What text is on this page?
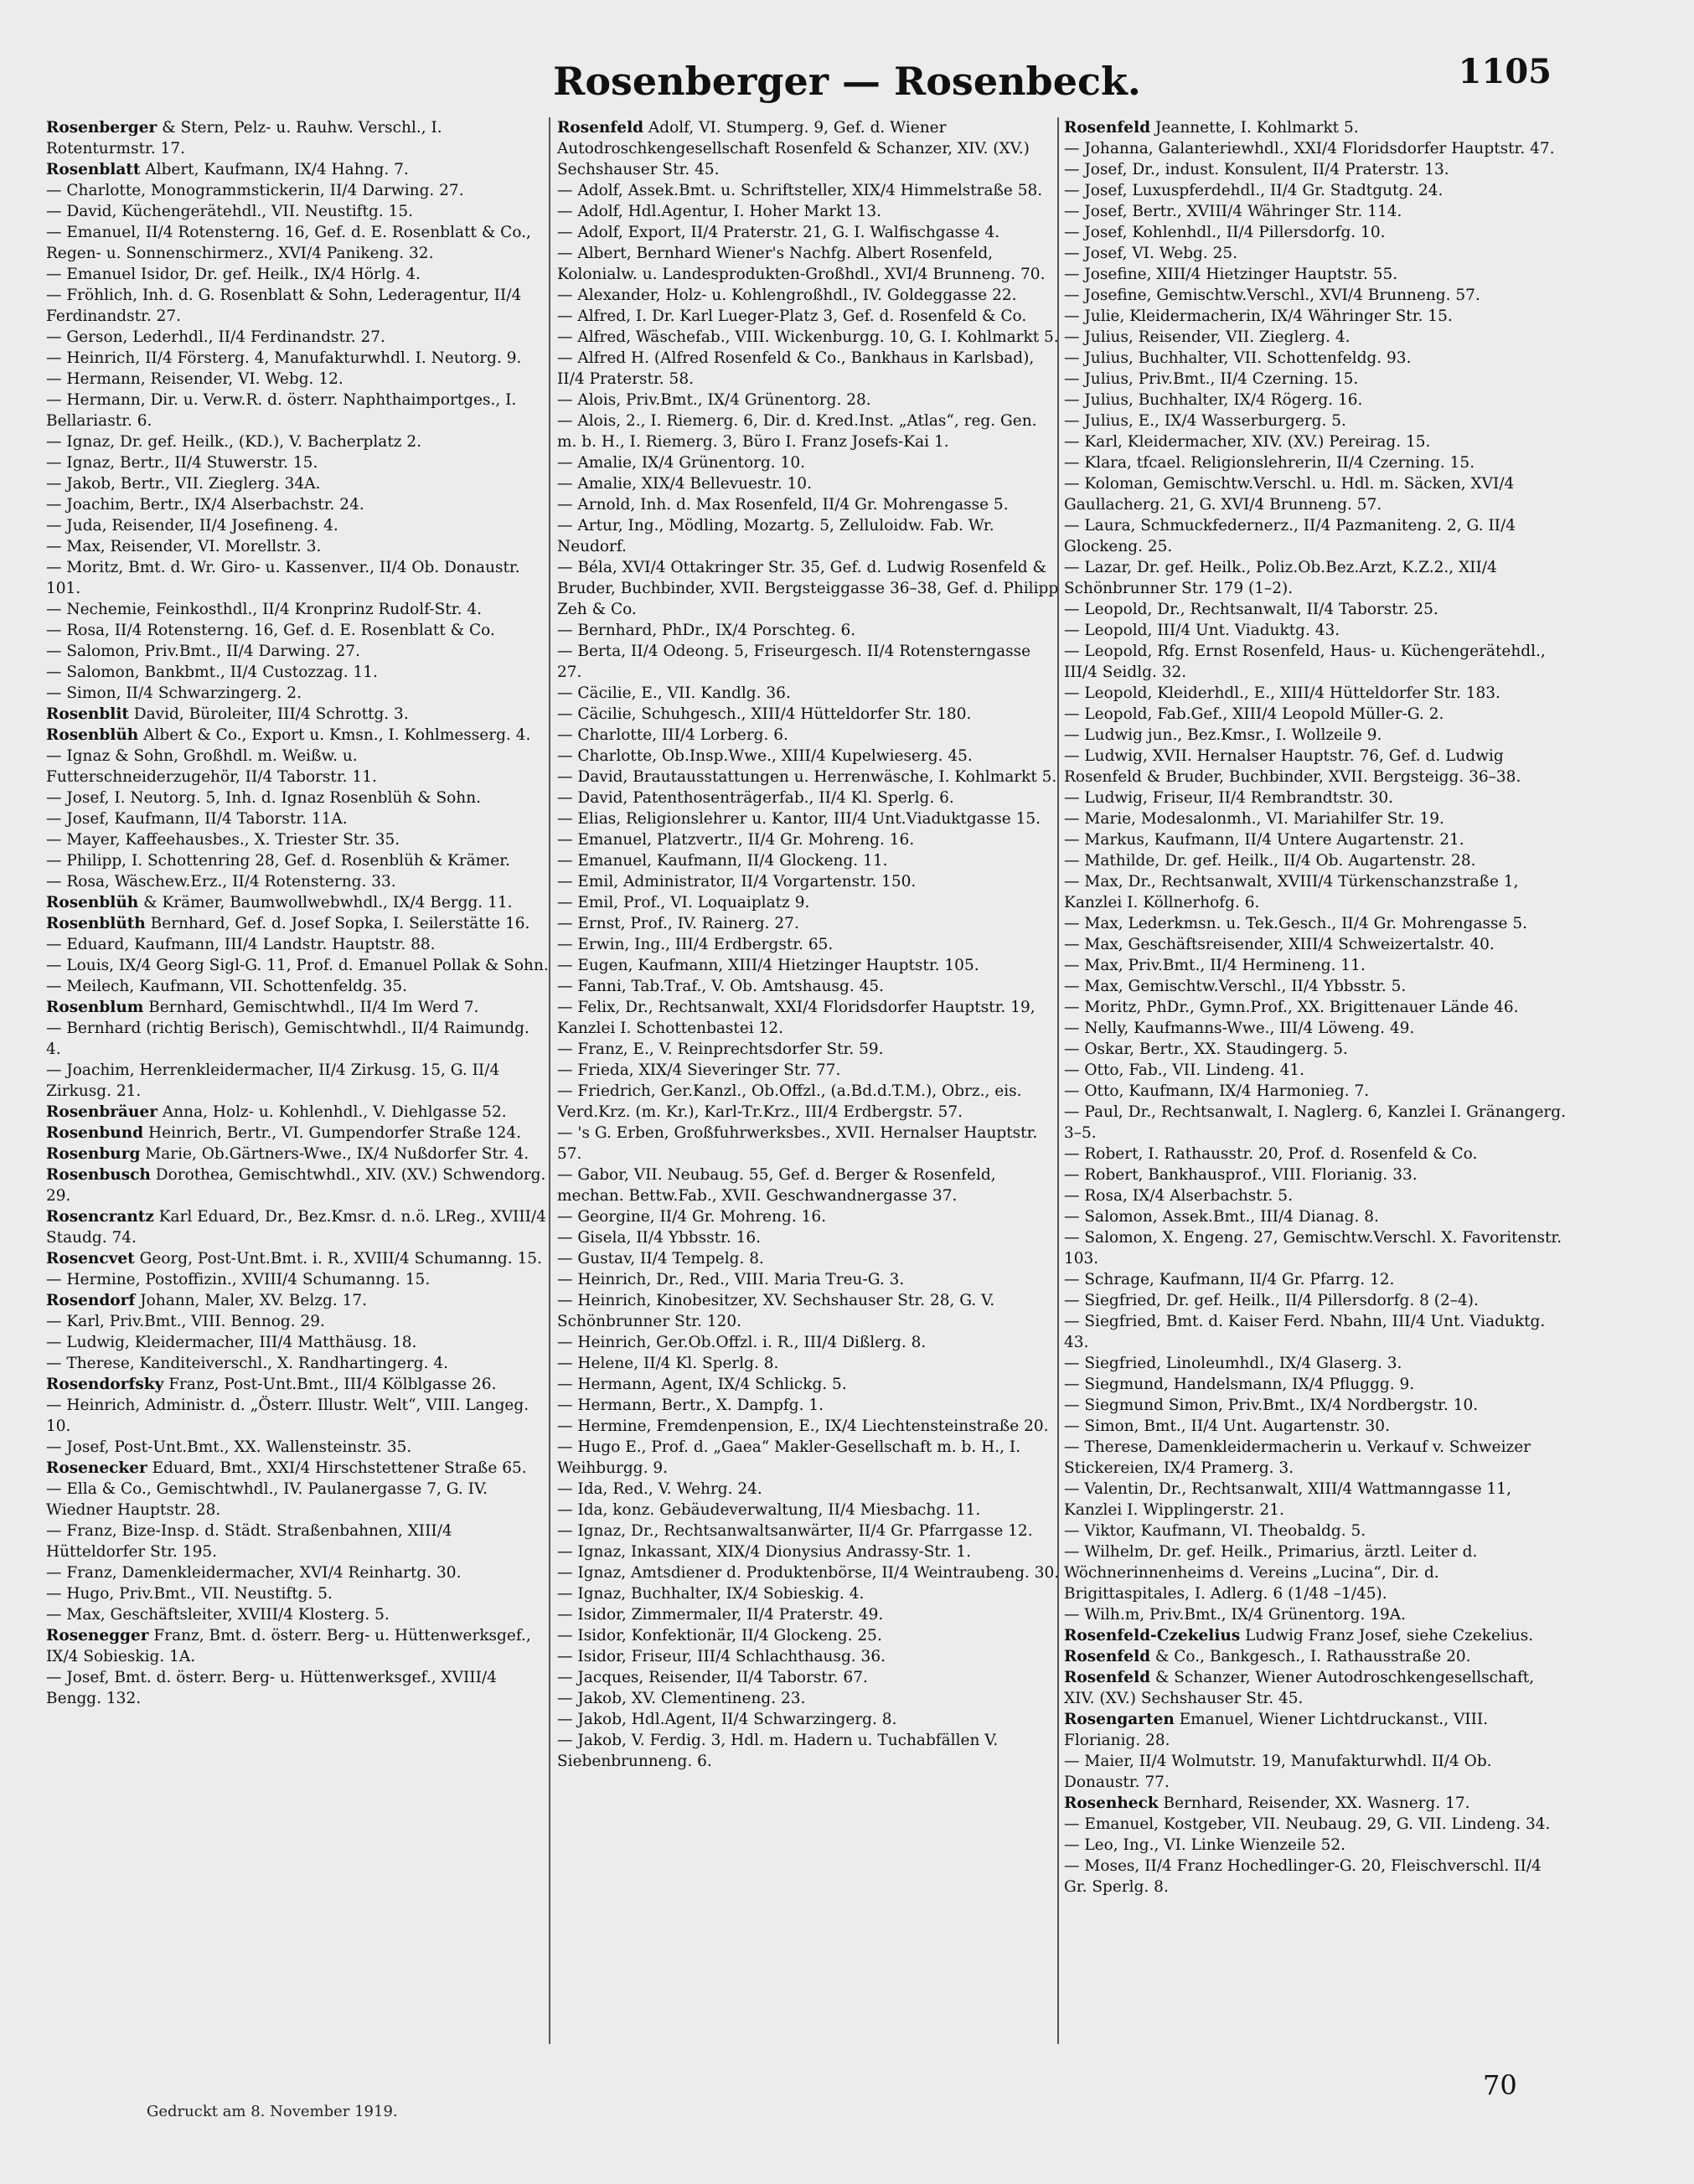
Rosenberger — Rosenbeck.	1105
Rosenberger & Stern, Pelz- u. Rauhw. Verschl., I. Rotenturmstr. 17.
Rosenblatt Albert, Kaufmann, IX/4 Hahng. 7.
— Charlotte, Monogrammstickerin, II/4 Darwing. 27.
— David, Küchengerätehdl., VII. Neustiftg. 15.
— Emanuel, II/4 Rotensterng. 16, Gef. d. E. Rosenblatt & Co., Regen- u. Sonnenschirmerz., XVI/4 Panikeng. 32.
— Emanuel Isidor, Dr. gef. Heilk., IX/4 Hörlg. 4.
— Fröhlich, Inh. d. G. Rosenblatt & Sohn, Lederagentur, II/4 Ferdinandstr. 27.
— Gerson, Lederhdl., II/4 Ferdinandstr. 27.
— Heinrich, II/4 Försterg. 4, Manufakturwhdl. I. Neutorg. 9.
— Hermann, Reisender, VI. Webg. 12.
— Hermann, Dir. u. Verw.R. d. österr. Naphthaimportges., I. Bellariastr. 6.
— Ignaz, Dr. gef. Heilk., (KD.), V. Bacherplatz 2.
— Ignaz, Bertr., II/4 Stuwerstr. 15.
— Jakob, Bertr., VII. Zieglerg. 34A.
— Joachim, Bertr., IX/4 Alserbachstr. 24.
— Juda, Reisender, II/4 Josefineng. 4.
— Max, Reisender, VI. Morellstr. 3.
— Moritz, Bmt. d. Wr. Giro- u. Kassenver., II/4 Ob. Donaustr. 101.
— Nechemie, Feinkosthdl., II/4 Kronprinz Rudolf-Str. 4.
— Rosa, II/4 Rotensterng. 16, Gef. d. E. Rosenblatt & Co.
— Salomon, Priv.Bmt., II/4 Darwing. 27.
— Salomon, Bankbmt., II/4 Custozzag. 11.
— Simon, II/4 Schwarzingerg. 2.
Rosenblit David, Büroleiter, III/4 Schrottg. 3.
Rosenblüh Albert & Co., Export u. Kmsn., I. Kohlmesserg. 4.
— Ignaz & Sohn, Großhdl. m. Weißw. u. Futterschneiderzugehör, II/4 Taborstr. 11.
— Josef, I. Neutorg. 5, Inh. d. Ignaz Rosenblüh & Sohn.
— Josef, Kaufmann, II/4 Taborstr. 11A.
— Mayer, Kaffeehausbes., X. Triester Str. 35.
— Philipp, I. Schottenring 28, Gef. d. Rosenblüh & Krämer.
— Rosa, Wäschew.Erz., II/4 Rotensterng. 33.
Rosenblüh & Krämer, Baumwollwebwhdl., IX/4 Bergg. 11.
Rosenblüth Bernhard, Gef. d. Josef Sopka, I. Seilerstätte 16.
— Eduard, Kaufmann, III/4 Landstr. Hauptstr. 88.
— Louis, IX/4 Georg Sigl-G. 11, Prof. d. Emanuel Pollak & Sohn.
— Meilech, Kaufmann, VII. Schottenfeldg. 35.
Rosenblum Bernhard, Gemischtwhdl., II/4 Im Werd 7.
— Bernhard (richtig Berisch), Gemischtwhdl., II/4 Raimundg. 4.
— Joachim, Herrenkleidermacher, II/4 Zirkusg. 15, G. II/4 Zirkusg. 21.
Rosenbräuer Anna, Holz- u. Kohlenhdl., V. Diehlgasse 52.
Rosenbund Heinrich, Bertr., VI. Gumpendorfer Straße 124.
Rosenburg Marie, Ob.Gärtners-Wwe., IX/4 Nußdorfer Str. 4.
Rosenbusch Dorothea, Gemischtwhdl., XIV. (XV.) Schwendorg. 29.
Rosencrantz Karl Eduard, Dr., Bez.Kmsr. d. n.ö. LReg., XVIII/4 Staudg. 74.
Rosencvet Georg, Post-Unt.Bmt. i. R., XVIII/4 Schumanng. 15.
— Hermine, Postoffizin., XVIII/4 Schumanng. 15.
Rosendorf Johann, Maler, XV. Belzg. 17.
— Karl, Priv.Bmt., VIII. Bennog. 29.
— Ludwig, Kleidermacher, III/4 Matthäusg. 18.
— Therese, Kanditeiverschl., X. Randhartingerg. 4.
Rosendorfsky Franz, Post-Unt.Bmt., III/4 Kölblgasse 26.
— Heinrich, Administr. d. „Österr. Illustr. Welt“, VIII. Langeg. 10.
— Josef, Post-Unt.Bmt., XX. Wallensteinstr. 35.
Rosenecker Eduard, Bmt., XXI/4 Hirschstettener Straße 65.
— Ella & Co., Gemischtwhdl., IV. Paulanergasse 7, G. IV. Wiedner Hauptstr. 28.
— Franz, Bize-Insp. d. Städt. Straßenbahnen, XIII/4 Hütteldorfer Str. 195.
— Franz, Damenkleidermacher, XVI/4 Reinhartg. 30.
— Hugo, Priv.Bmt., VII. Neustiftg. 5.
— Max, Geschäftsleiter, XVIII/4 Klosterg. 5.
Rosenegger Franz, Bmt. d. österr. Berg- u. Hüttenwerksgef., IX/4 Sobieskig. 1A.
— Josef, Bmt. d. österr. Berg- u. Hüttenwerksgef., XVIII/4 Bengg. 132.
Rosenfeld Adolf, VI. Stumperg. 9, Gef. d. Wiener Autodroschkengesellschaft Rosenfeld & Schanzer, XIV. (XV.) Sechshauser Str. 45.
— Adolf, Assek.Bmt. u. Schriftsteller, XIX/4 Himmelstraße 58.
— Adolf, Hdl.Agentur, I. Hoher Markt 13.
— Adolf, Export, II/4 Praterstr. 21, G. I. Walfischgasse 4.
— Albert, Bernhard Wiener's Nachfg. Albert Rosenfeld, Kolonialw. u. Landesprodukten-Großhdl., XVI/4 Brunneng. 70.
— Alexander, Holz- u. Kohlengroßhdl., IV. Goldeggasse 22.
— Alfred, I. Dr. Karl Lueger-Platz 3, Gef. d. Rosenfeld & Co.
— Alfred, Wäschefab., VIII. Wickenburgg. 10, G. I. Kohlmarkt 5.
— Alfred H. (Alfred Rosenfeld & Co., Bankhaus in Karlsbad), II/4 Praterstr. 58.
— Alois, Priv.Bmt., IX/4 Grünentorg. 28.
— Alois, 2., I. Riemerg. 6, Dir. d. Kred.Inst. „Atlas“, reg. Gen. m. b. H., I. Riemerg. 3, Büro I. Franz Josefs-Kai 1.
— Amalie, IX/4 Grünentorg. 10.
— Amalie, XIX/4 Bellevuestr. 10.
— Arnold, Inh. d. Max Rosenfeld, II/4 Gr. Mohrengasse 5.
— Artur, Ing., Mödling, Mozartg. 5, Zelluloidw. Fab. Wr. Neudorf.
— Béla, XVI/4 Ottakringer Str. 35, Gef. d. Ludwig Rosenfeld & Bruder, Buchbinder, XVII. Bergsteiggasse 36–38, Gef. d. Philipp Zeh & Co.
— Bernhard, PhDr., IX/4 Porschteg. 6.
— Berta, II/4 Odeong. 5, Friseurgesch. II/4 Rotensterngasse 27.
— Cäcilie, E., VII. Kandlg. 36.
— Cäcilie, Schuhgesch., XIII/4 Hütteldorfer Str. 180.
— Charlotte, III/4 Lorberg. 6.
— Charlotte, Ob.Insp.Wwe., XIII/4 Kupelwieserg. 45.
— David, Brautausstattungen u. Herrenwäsche, I. Kohlmarkt 5.
— David, Patenthosenträgerfab., II/4 Kl. Sperlg. 6.
— Elias, Religionslehrer u. Kantor, III/4 Unt.Viaduktgasse 15.
— Emanuel, Platzvertr., II/4 Gr. Mohreng. 16.
— Emanuel, Kaufmann, II/4 Glockeng. 11.
— Emil, Administrator, II/4 Vorgartenstr. 150.
— Emil, Prof., VI. Loquaiplatz 9.
— Ernst, Prof., IV. Rainerg. 27.
— Erwin, Ing., III/4 Erdbergstr. 65.
— Eugen, Kaufmann, XIII/4 Hietzinger Hauptstr. 105.
— Fanni, Tab.Traf., V. Ob. Amtshausg. 45.
— Felix, Dr., Rechtsanwalt, XXI/4 Floridsdorfer Hauptstr. 19, Kanzlei I. Schottenbastei 12.
— Franz, E., V. Reinprechtsdorfer Str. 59.
— Frieda, XIX/4 Sieveringer Str. 77.
— Friedrich, Ger.Kanzl., Ob.Offzl., (a.Bd.d.T.M.), Obrz., eis. Verd.Krz. (m. Kr.), Karl-Tr.Krz., III/4 Erdbergstr. 57.
— 's G. Erben, Großfuhrwerksbes., XVII. Hernalser Hauptstr. 57.
— Gabor, VII. Neubaug. 55, Gef. d. Berger & Rosenfeld, mechan. Bettw.Fab., XVII. Geschwandnergasse 37.
— Georgine, II/4 Gr. Mohreng. 16.
— Gisela, II/4 Ybbsstr. 16.
— Gustav, II/4 Tempelg. 8.
— Heinrich, Dr., Red., VIII. Maria Treu-G. 3.
— Heinrich, Kinobesitzer, XV. Sechshauser Str. 28, G. V. Schönbrunner Str. 120.
— Heinrich, Ger.Ob.Offzl. i. R., III/4 Dißlerg. 8.
— Helene, II/4 Kl. Sperlg. 8.
— Hermann, Agent, IX/4 Schlickg. 5.
— Hermann, Bertr., X. Dampfg. 1.
— Hermine, Fremdenpension, E., IX/4 Liechtensteinstraße 20.
— Hugo E., Prof. d. „Gaea“ Makler-Gesellschaft m. b. H., I. Weihburgg. 9.
— Ida, Red., V. Wehrg. 24.
— Ida, konz. Gebäudeverwaltung, II/4 Miesbachg. 11.
— Ignaz, Dr., Rechtsanwaltsanwärter, II/4 Gr. Pfarrgasse 12.
— Ignaz, Inkassant, XIX/4 Dionysius Andrassy-Str. 1.
— Ignaz, Amtsdiener d. Produktenbörse, II/4 Weintraubeng. 30.
— Ignaz, Buchhalter, IX/4 Sobieskig. 4.
— Isidor, Zimmermaler, II/4 Praterstr. 49.
— Isidor, Konfektionär, II/4 Glockeng. 25.
— Isidor, Friseur, III/4 Schlachthausg. 36.
— Jacques, Reisender, II/4 Taborstr. 67.
— Jakob, XV. Clementineng. 23.
— Jakob, Hdl.Agent, II/4 Schwarzingerg. 8.
— Jakob, V. Ferdig. 3, Hdl. m. Hadern u. Tuchabfällen V. Siebenbrunneng. 6.
Rosenfeld Jeannette, I. Kohlmarkt 5.
— Johanna, Galanteriewhdl., XXI/4 Floridsdorfer Hauptstr. 47.
— Josef, Dr., indust. Konsulent, II/4 Praterstr. 13.
— Josef, Luxuspferdehdl., II/4 Gr. Stadtgutg. 24.
— Josef, Bertr., XVIII/4 Währinger Str. 114.
— Josef, Kohlenhdl., II/4 Pillersdorfg. 10.
— Josef, VI. Webg. 25.
— Josefine, XIII/4 Hietzinger Hauptstr. 55.
— Josefine, Gemischtw.Verschl., XVI/4 Brunneng. 57.
— Julie, Kleidermacherin, IX/4 Währinger Str. 15.
— Julius, Reisender, VII. Zieglerg. 4.
— Julius, Buchhalter, VII. Schottenfeldg. 93.
— Julius, Priv.Bmt., II/4 Czerning. 15.
— Julius, Buchhalter, IX/4 Rögerg. 16.
— Julius, E., IX/4 Wasserburgerg. 5.
— Karl, Kleidermacher, XIV. (XV.) Pereirag. 15.
— Klara, tfcael. Religionslehrerin, II/4 Czerning. 15.
— Koloman, Gemischtw.Verschl. u. Hdl. m. Säcken, XVI/4 Gaullacherg. 21, G. XVI/4 Brunneng. 57.
— Laura, Schmuckfedernerz., II/4 Pazmaniteng. 2, G. II/4 Glockeng. 25.
— Lazar, Dr. gef. Heilk., Poliz.Ob.Bez.Arzt, K.Z.2., XII/4 Schönbrunner Str. 179 (1–2).
— Leopold, Dr., Rechtsanwalt, II/4 Taborstr. 25.
— Leopold, III/4 Unt. Viaduktg. 43.
— Leopold, Rfg. Ernst Rosenfeld, Haus- u. Küchengerätehdl., III/4 Seidlg. 32.
— Leopold, Kleiderhdl., E., XIII/4 Hütteldorfer Str. 183.
— Leopold, Fab.Gef., XIII/4 Leopold Müller-G. 2.
— Ludwig jun., Bez.Kmsr., I. Wollzeile 9.
— Ludwig, XVII. Hernalser Hauptstr. 76, Gef. d. Ludwig Rosenfeld & Bruder, Buchbinder, XVII. Bergsteigg. 36–38.
— Ludwig, Friseur, II/4 Rembrandtstr. 30.
— Marie, Modesalonmh., VI. Mariahilfer Str. 19.
— Markus, Kaufmann, II/4 Untere Augartenstr. 21.
— Mathilde, Dr. gef. Heilk., II/4 Ob. Augartenstr. 28.
— Max, Dr., Rechtsanwalt, XVIII/4 Türkenschanzstraße 1, Kanzlei I. Köllnerhofg. 6.
— Max, Lederkmsn. u. Tek.Gesch., II/4 Gr. Mohrengasse 5.
— Max, Geschäftsreisender, XIII/4 Schweizertalstr. 40.
— Max, Priv.Bmt., II/4 Hermineng. 11.
— Max, Gemischtw.Verschl., II/4 Ybbsstr. 5.
— Moritz, PhDr., Gymn.Prof., XX. Brigittenauer Lände 46.
— Nelly, Kaufmanns-Wwe., III/4 Löweng. 49.
— Oskar, Bertr., XX. Staudingerg. 5.
— Otto, Fab., VII. Lindeng. 41.
— Otto, Kaufmann, IX/4 Harmonieg. 7.
— Paul, Dr., Rechtsanwalt, I. Naglerg. 6, Kanzlei I. Gränangerg. 3–5.
— Robert, I. Rathausstr. 20, Prof. d. Rosenfeld & Co.
— Robert, Bankhausprof., VIII. Florianig. 33.
— Rosa, IX/4 Alserbachstr. 5.
— Salomon, Assek.Bmt., III/4 Dianag. 8.
— Salomon, X. Engeng. 27, Gemischtw.Verschl. X. Favoritenstr. 103.
— Schrage, Kaufmann, II/4 Gr. Pfarrg. 12.
— Siegfried, Dr. gef. Heilk., II/4 Pillersdorfg. 8 (2–4).
— Siegfried, Bmt. d. Kaiser Ferd. Nbahn, III/4 Unt. Viaduktg. 43.
— Siegfried, Linoleumhdl., IX/4 Glaserg. 3.
— Siegmund, Handelsmann, IX/4 Pfluggg. 9.
— Siegmund Simon, Priv.Bmt., IX/4 Nordbergstr. 10.
— Simon, Bmt., II/4 Unt. Augartenstr. 30.
— Therese, Damenkleidermacherin u. Verkauf v. Schweizer Stickereien, IX/4 Pramerg. 3.
— Valentin, Dr., Rechtsanwalt, XIII/4 Wattmanngasse 11, Kanzlei I. Wipplingerstr. 21.
— Viktor, Kaufmann, VI. Theobaldg. 5.
— Wilhelm, Dr. gef. Heilk., Primarius, ärztl. Leiter d. Wöchnerinnenheims d. Vereins „Lucina“, Dir. d. Brigittaspitales, I. Adlerg. 6 (1/48 –1/45).
— Wilh.m, Priv.Bmt., IX/4 Grünentorg. 19A.
Rosenfeld-Czekelius Ludwig Franz Josef, siehe Czekelius.
Rosenfeld & Co., Bankgesch., I. Rathausstraße 20.
Rosenfeld & Schanzer, Wiener Autodroschkengesellschaft, XIV. (XV.) Sechshauser Str. 45.
Rosengarten Emanuel, Wiener Lichtdruckanst., VIII. Florianig. 28.
— Maier, II/4 Wolmutstr. 19, Manufakturwhdl. II/4 Ob. Donaustr. 77.
Rosenheck Bernhard, Reisender, XX. Wasnerg. 17.
— Emanuel, Kostgeber, VII. Neubaug. 29, G. VII. Lindeng. 34.
— Leo, Ing., VI. Linke Wienzeile 52.
— Moses, II/4 Franz Hochedlinger-G. 20, Fleischverschl. II/4 Gr. Sperlg. 8.
Gedruckt am 8. November 1919.
70
